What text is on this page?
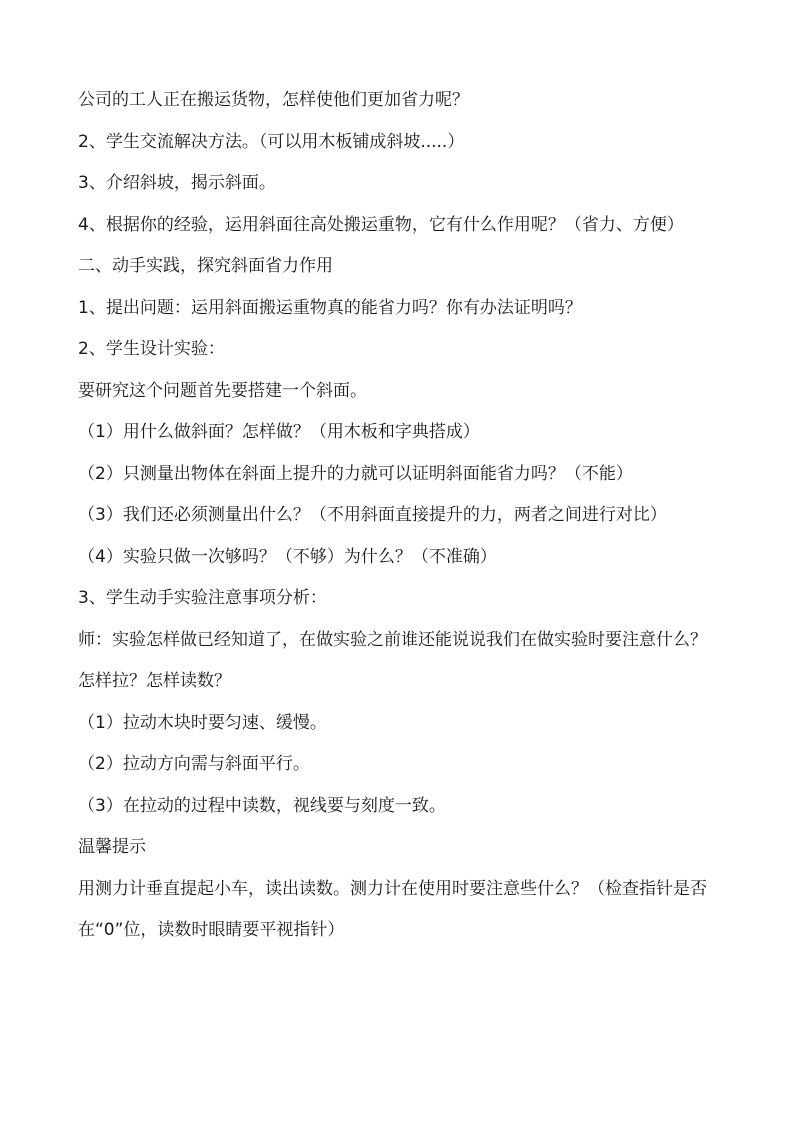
公司的工人正在搬运货物，怎样使他们更加省力呢？

2、学生交流解决方法。（可以用木板铺成斜坡.....）

3、介绍斜坡，揭示斜面。

4、根据你的经验，运用斜面往高处搬运重物，它有什么作用呢？（省力、方便）

二、动手实践，探究斜面省力作用

1、提出问题：运用斜面搬运重物真的能省力吗？你有办法证明吗？

2、学生设计实验：

要研究这个问题首先要搭建一个斜面。

（1）用什么做斜面？怎样做？（用木板和字典搭成）

（2）只测量出物体在斜面上提升的力就可以证明斜面能省力吗？（不能）

（3）我们还必须测量出什么？（不用斜面直接提升的力，两者之间进行对比）

（4）实验只做一次够吗？（不够）为什么？（不准确）

3、学生动手实验注意事项分析：

师：实验怎样做已经知道了，在做实验之前谁还能说说我们在做实验时要注意什么？怎样拉？怎样读数？

（1）拉动木块时要匀速、缓慢。

（2）拉动方向需与斜面平行。

（3）在拉动的过程中读数，视线要与刻度一致。

温馨提示

用测力计垂直提起小车，读出读数。测力计在使用时要注意些什么？（检查指针是否在“0”位，读数时眼睛要平视指针）
